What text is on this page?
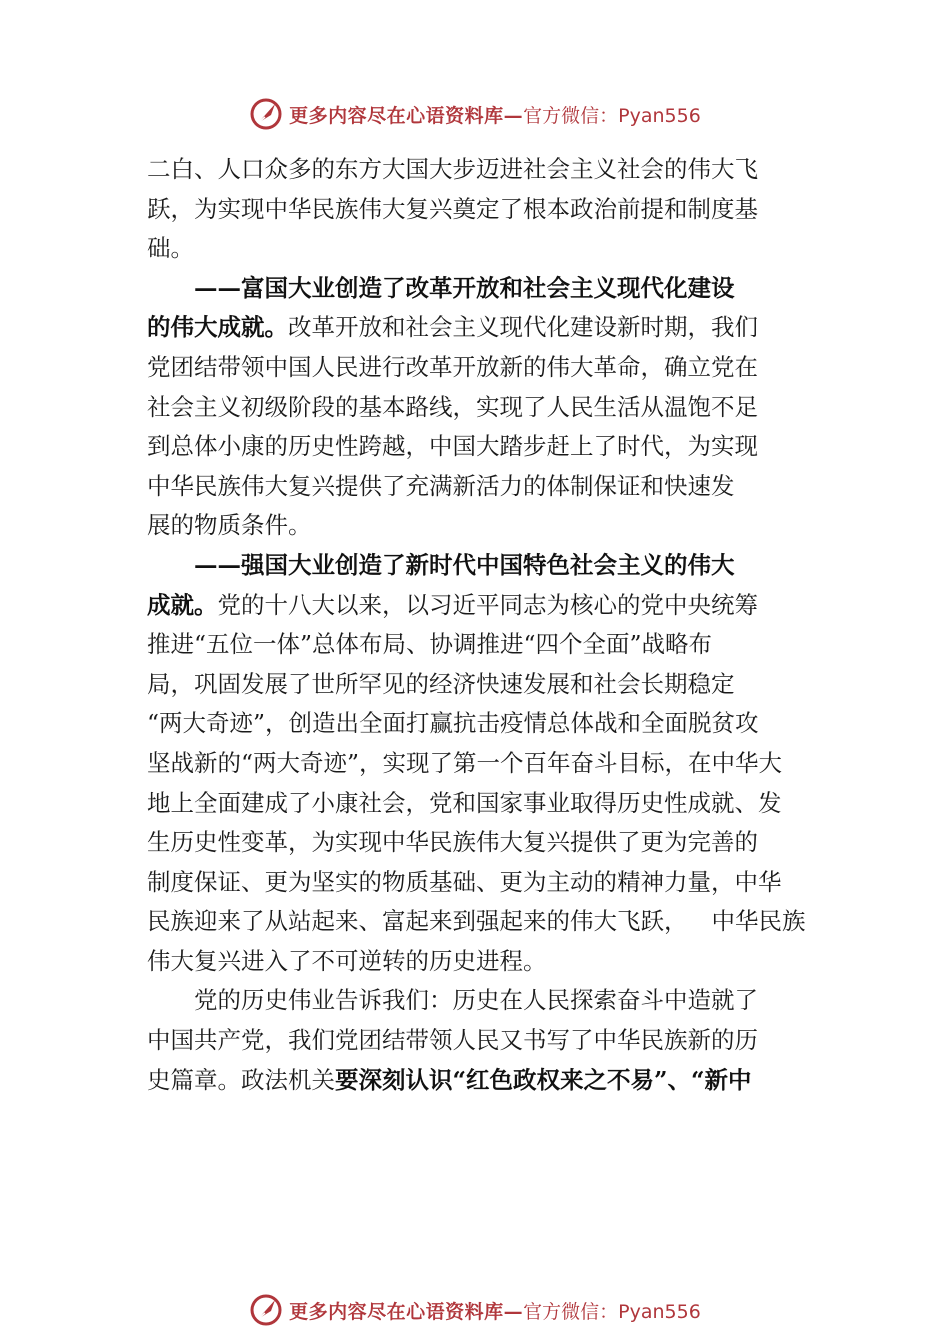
更多内容尽在心语资料库— 官方微信：Pyan556
二白、人口众多的东方大国大步迈进社会主义社会的伟大飞
跃，为实现中华民族伟大复兴奠定了根本政治前提和制度基
础。
——富国大业创造了改革开放和社会主义现代化建设
的伟大成就。改革开放和社会主义现代化建设新时期，我们
党团结带领中国人民进行改革开放新的伟大革命，确立党在
社会主义初级阶段的基本路线，实现了人民生活从温饱不足
到总体小康的历史性跨越，中国大踏步赶上了时代，为实现
中华民族伟大复兴提供了充满新活力的体制保证和快速发
展的物质条件。
——强国大业创造了新时代中国特色社会主义的伟大
成就。党的十八大以来，以习近平同志为核心的党中央统筹
推进“五位一体”总体布局、协调推进“四个全面”战略布
局，巩固发展了世所罕见的经济快速发展和社会长期稳定
“两大奇迹”，创造出全面打赢抗击疫情总体战和全面脱贫攻
坚战新的“两大奇迹”，实现了第一个百年奋斗目标，在中华大
地上全面建成了小康社会，党和国家事业取得历史性成就、发
生历史性变革，为实现中华民族伟大复兴提供了更为完善的
制度保证、更为坚实的物质基础、更为主动的精神力量，中华
民族迎来了从站起来、富起来到强起来的伟大飞跃， 中华民族
伟大复兴进入了不可逆转的历史进程。
党的历史伟业告诉我们：历史在人民探索奋斗中造就了
中国共产党，我们党团结带领人民又书写了中华民族新的历
史篇章。政法机关 要深刻认识“红色政权来之不易”、“新中
更多内容尽在心语资料库— 官方微信：Pyan556
